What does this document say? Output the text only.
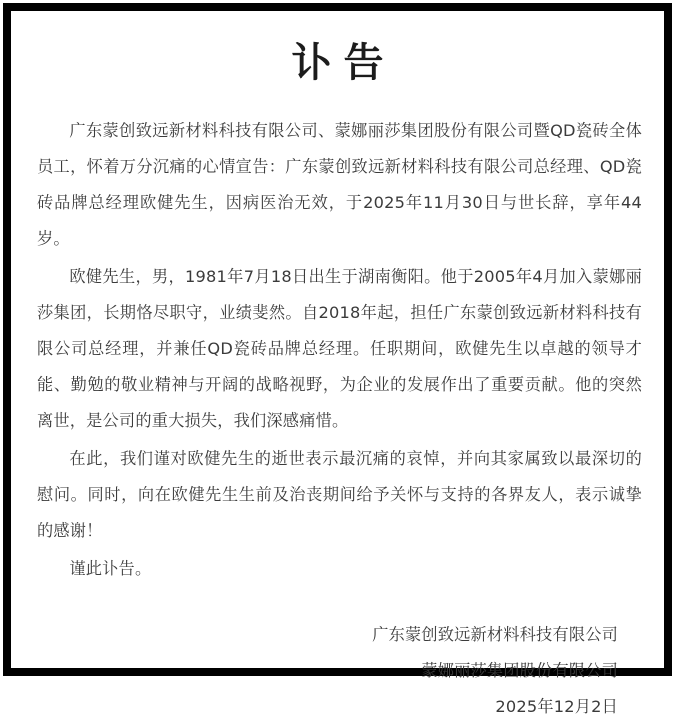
讣告

广东蒙创致远新材料科技有限公司、蒙娜丽莎集团股份有限公司暨QD瓷砖全体员工，怀着万分沉痛的心情宣告：广东蒙创致远新材料科技有限公司总经理、QD瓷砖品牌总经理欧健先生，因病医治无效，于2025年11月30日与世长辞，享年44岁。

欧健先生，男，1981年7月18日出生于湖南衡阳。他于2005年4月加入蒙娜丽莎集团，长期恪尽职守，业绩斐然。自2018年起，担任广东蒙创致远新材料科技有限公司总经理，并兼任QD瓷砖品牌总经理。任职期间，欧健先生以卓越的领导才能、勤勉的敬业精神与开阔的战略视野，为企业的发展作出了重要贡献。他的突然离世，是公司的重大损失，我们深感痛惜。

在此，我们谨对欧健先生的逝世表示最沉痛的哀悼，并向其家属致以最深切的慰问。同时，向在欧健先生生前及治丧期间给予关怀与支持的各界友人，表示诚挚的感谢！

谨此讣告。

广东蒙创致远新材料科技有限公司
蒙娜丽莎集团股份有限公司
2025年12月2日
